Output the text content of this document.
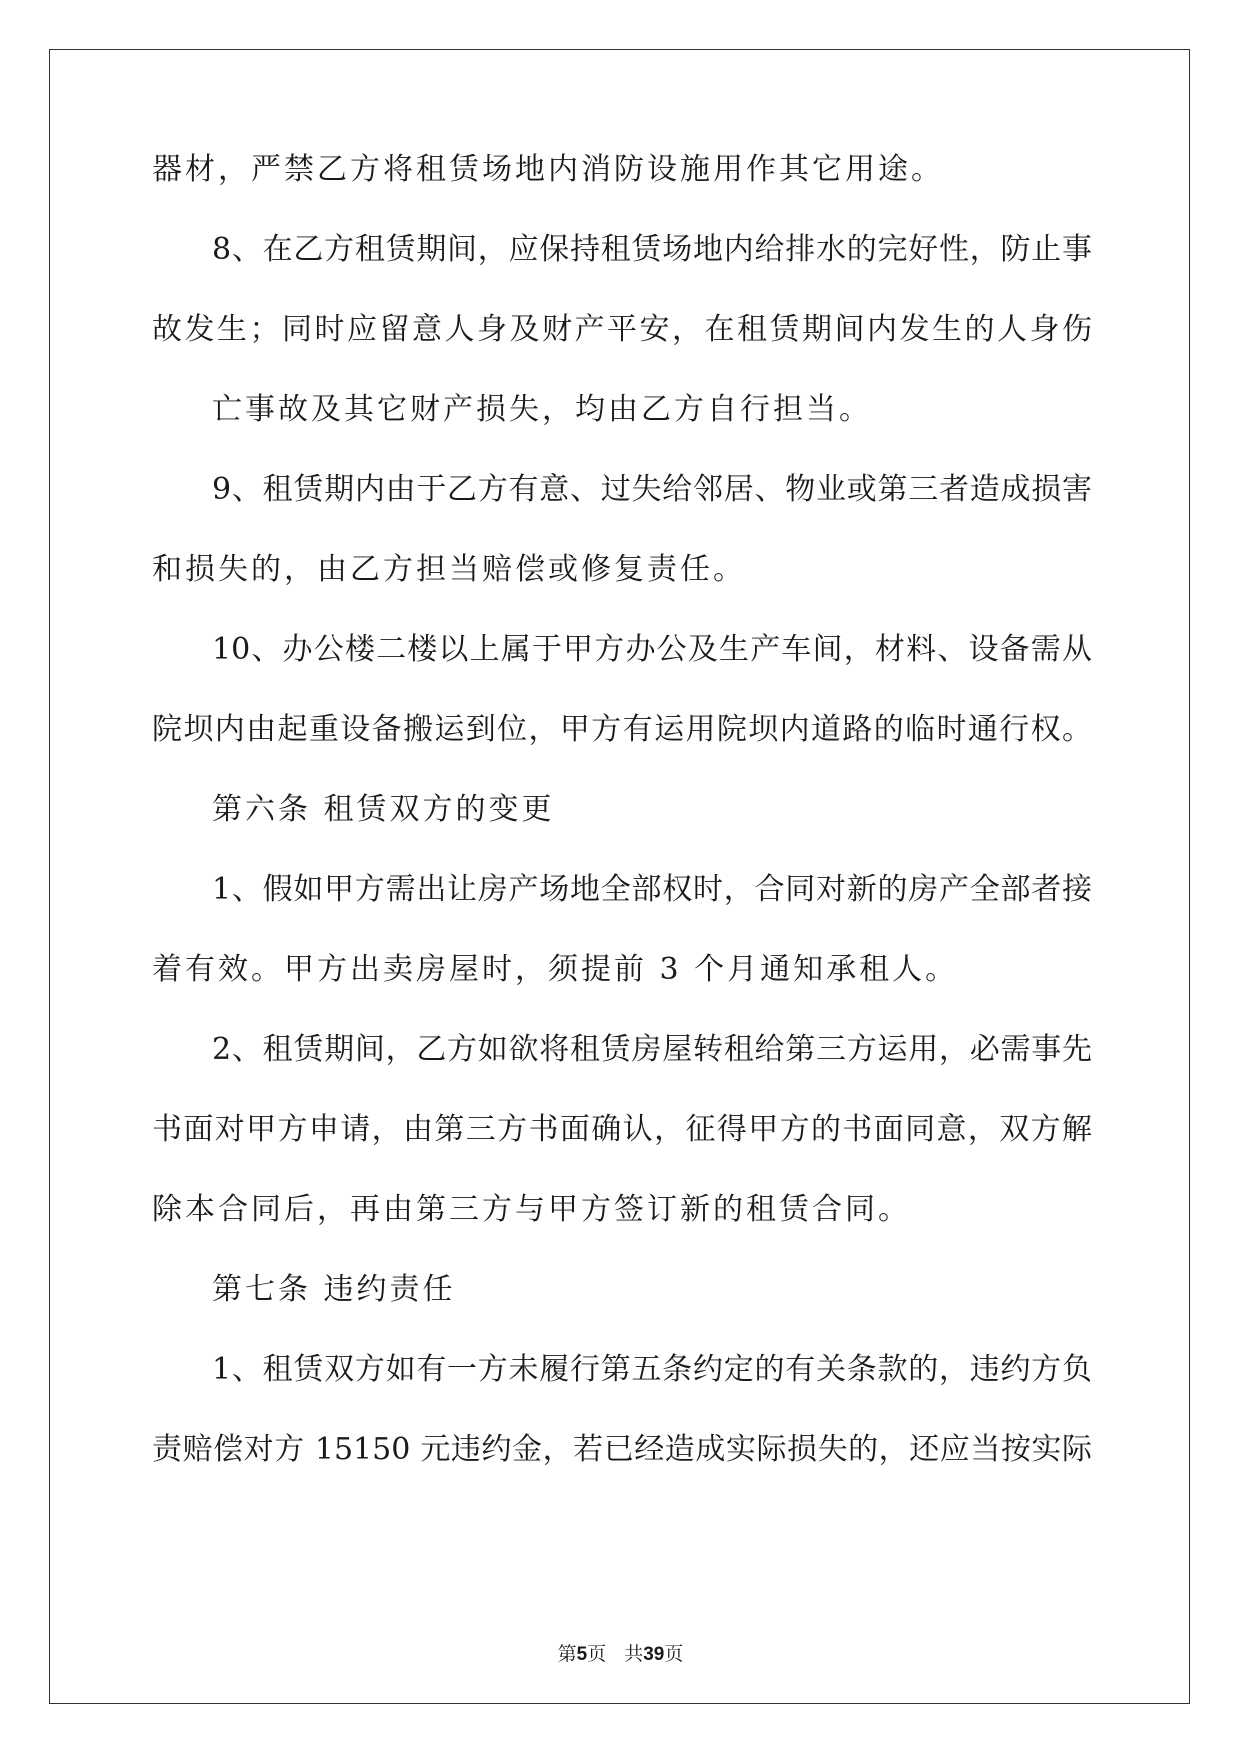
器材，严禁乙方将租赁场地内消防设施用作其它用途。
8、在乙方租赁期间，应保持租赁场地内给排水的完好性，防止事
故发生；同时应留意人身及财产平安，在租赁期间内发生的人身伤
亡事故及其它财产损失，均由乙方自行担当。
9、租赁期内由于乙方有意、过失给邻居、物业或第三者造成损害
和损失的，由乙方担当赔偿或修复责任。
10、办公楼二楼以上属于甲方办公及生产车间，材料、设备需从
院坝内由起重设备搬运到位，甲方有运用院坝内道路的临时通行权。
第六条 租赁双方的变更
1、假如甲方需出让房产场地全部权时，合同对新的房产全部者接
着有效。甲方出卖房屋时，须提前 3 个月通知承租人。
2、租赁期间，乙方如欲将租赁房屋转租给第三方运用，必需事先
书面对甲方申请，由第三方书面确认，征得甲方的书面同意，双方解
除本合同后，再由第三方与甲方签订新的租赁合同。
第七条 违约责任
1、租赁双方如有一方未履行第五条约定的有关条款的，违约方负
责赔偿对方 15150 元违约金，若已经造成实际损失的，还应当按实际
第5页 共39页
